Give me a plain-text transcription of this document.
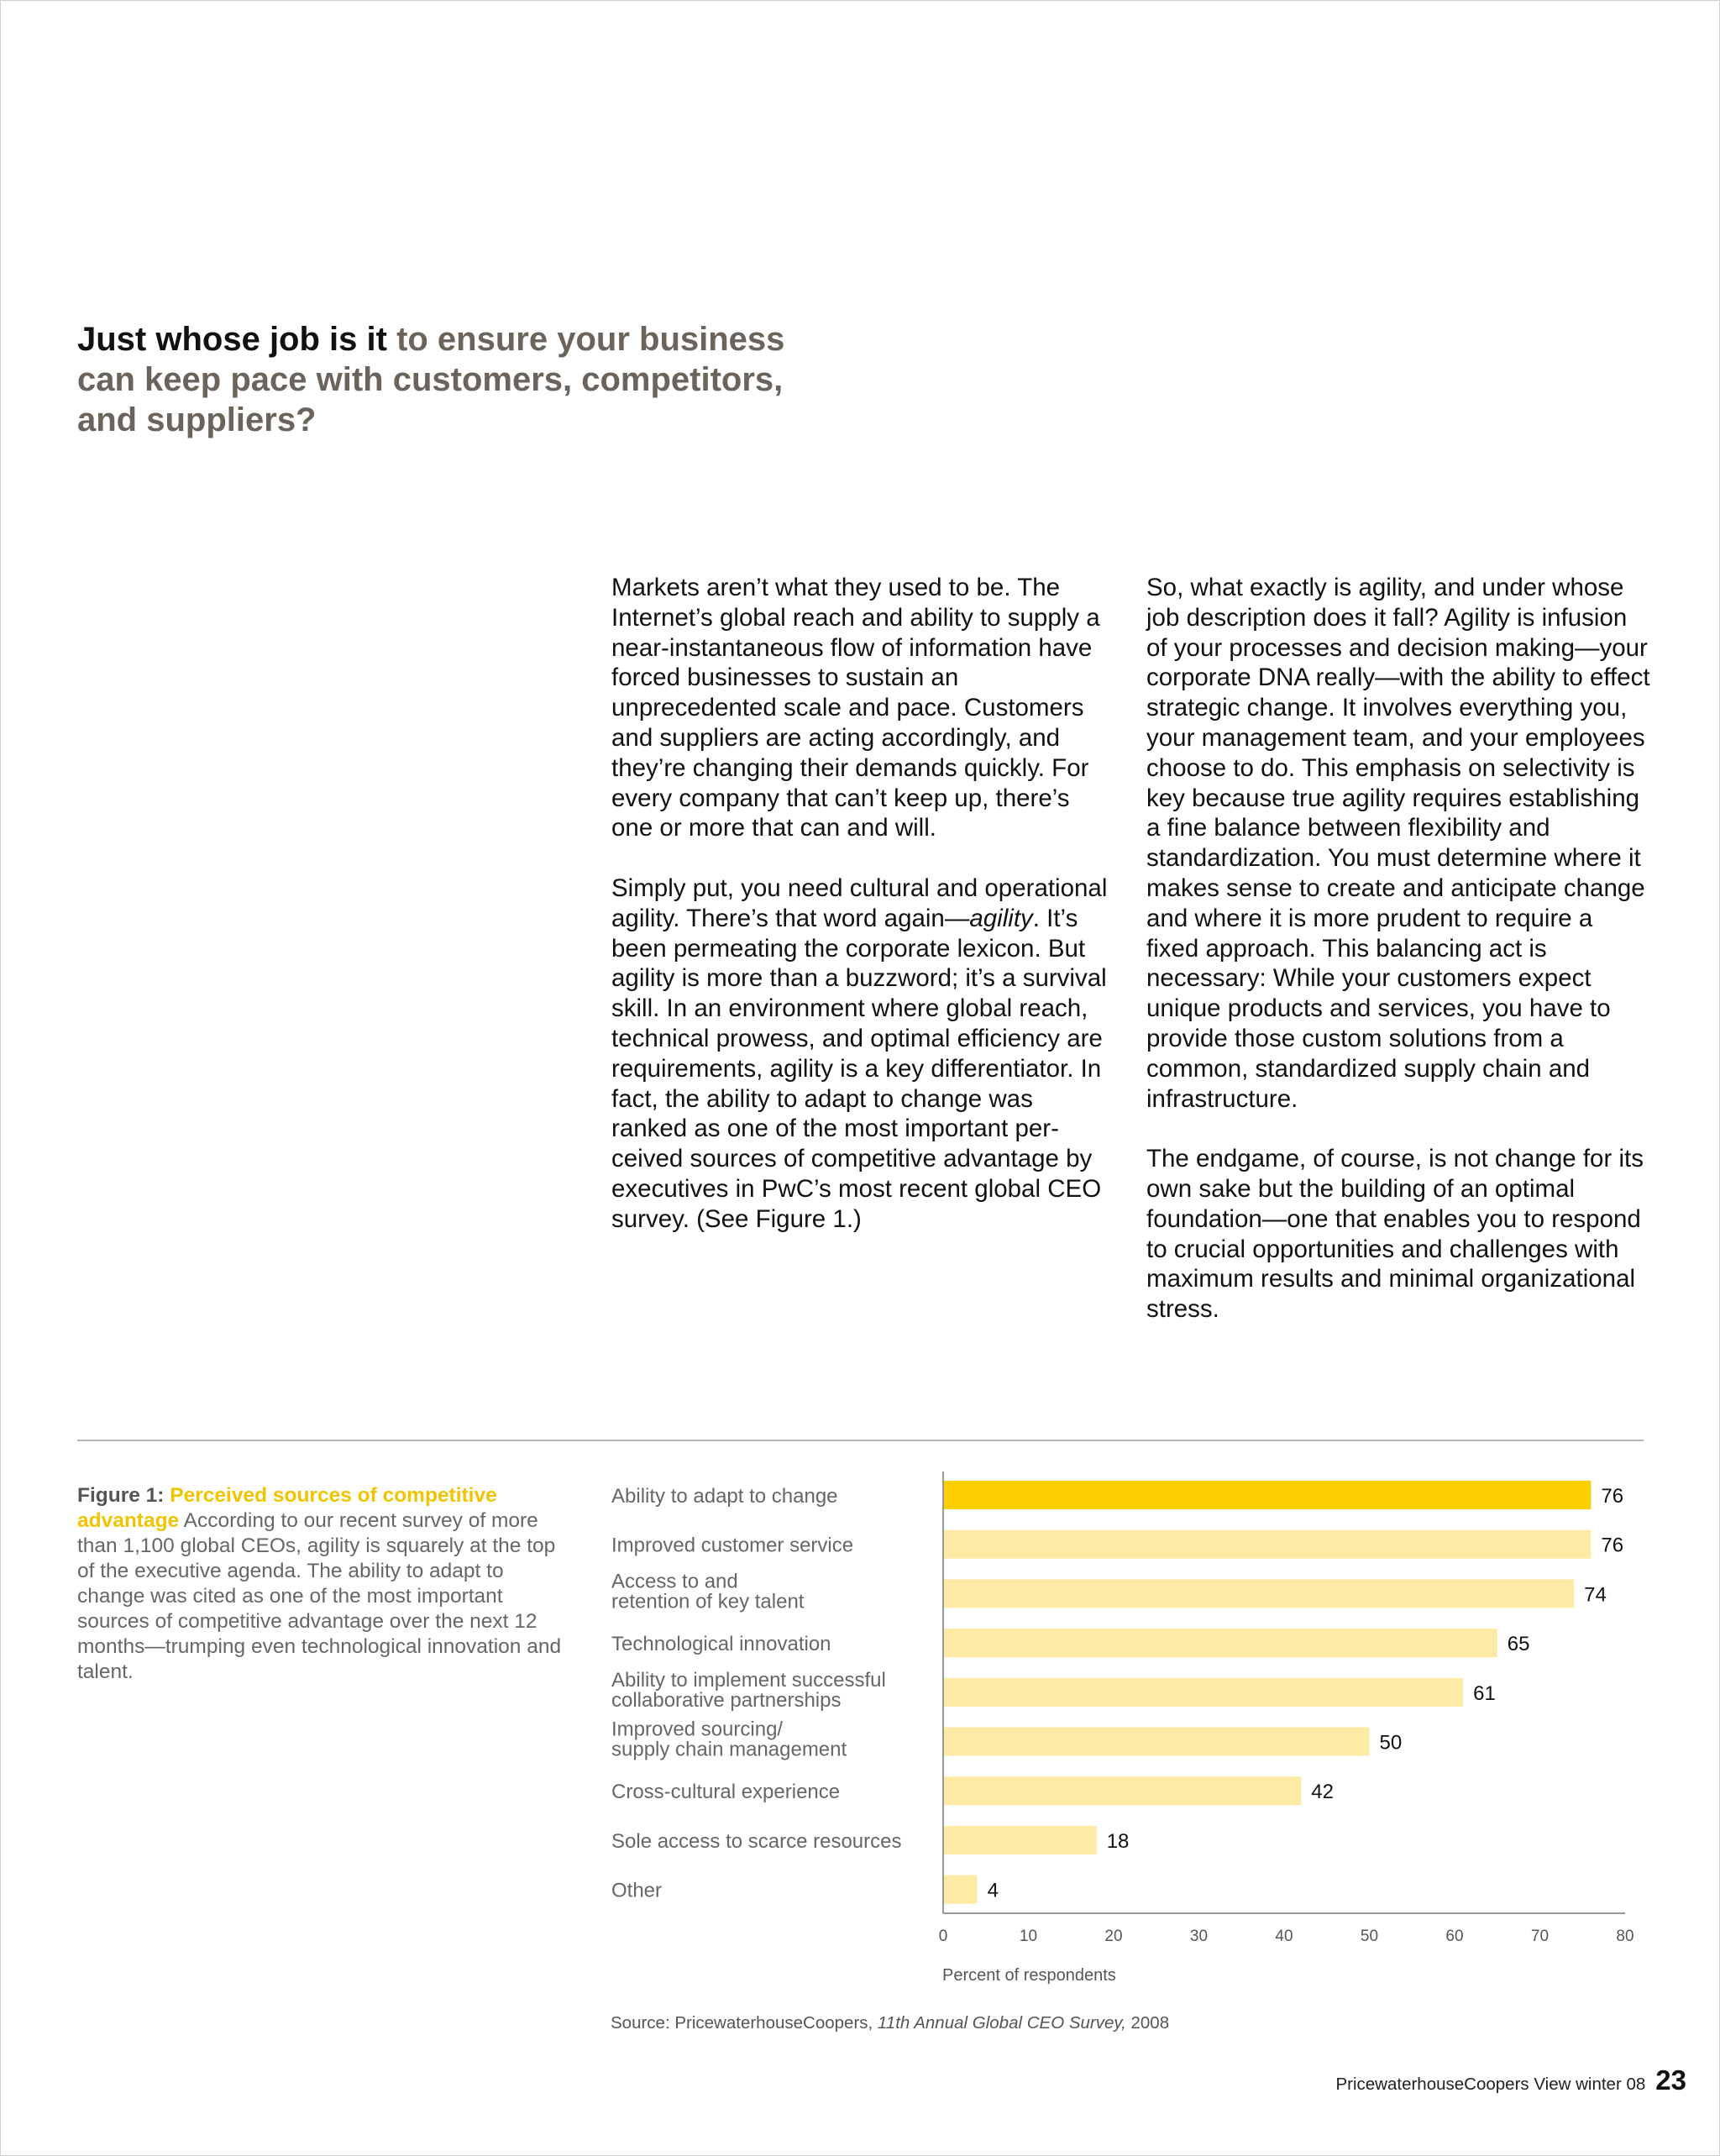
Just whose job is it to ensure your business can keep pace with customers, competitors, and suppliers?

Markets aren’t what they used to be. The Internet’s global reach and ability to supply a near-instantaneous flow of information have forced businesses to sustain an unprecedented scale and pace. Customers and suppliers are acting accordingly, and they’re changing their demands quickly. For every company that can’t keep up, there’s one or more that can and will.

Simply put, you need cultural and operational agility. There’s that word again—agility. It’s been permeating the corporate lexicon. But agility is more than a buzzword; it’s a survival skill. In an environment where global reach, technical prowess, and optimal efficiency are requirements, agility is a key differentiator. In fact, the ability to adapt to change was ranked as one of the most important perceived sources of competitive advantage by executives in PwC’s most recent global CEO survey. (See Figure 1.)

So, what exactly is agility, and under whose job description does it fall? Agility is infusion of your processes and decision making—your corporate DNA really—with the ability to effect strategic change. It involves everything you, your management team, and your employees choose to do. This emphasis on selectivity is key because true agility requires establishing a fine balance between flexibility and standardization. You must determine where it makes sense to create and anticipate change and where it is more prudent to require a fixed approach. This balancing act is necessary: While your customers expect unique products and services, you have to provide those custom solutions from a common, standardized supply chain and infrastructure.

The endgame, of course, is not change for its own sake but the building of an optimal foundation—one that enables you to respond to crucial opportunities and challenges with maximum results and minimal organizational stress.

Figure 1: Perceived sources of competitive advantage According to our recent survey of more than 1,100 global CEOs, agility is squarely at the top of the executive agenda. The ability to adapt to change was cited as one of the most important sources of competitive advantage over the next 12 months—trumping even technological innovation and talent.
76
Ability to adapt to change
76
Improved customer service
74
Access to and
retention of key talent
65
Technological innovation
61
Ability to implement successful
collaborative partnerships
50
Improved sourcing/
supply chain management
42
Cross-cultural experience
18
Sole access to scarce resources
4
Other
0	10	20	30	40	50	60	70	80
Percent of respondents
Source: PricewaterhouseCoopers, 11th Annual Global CEO Survey, 2008
PricewaterhouseCoopers View winter 08 23
